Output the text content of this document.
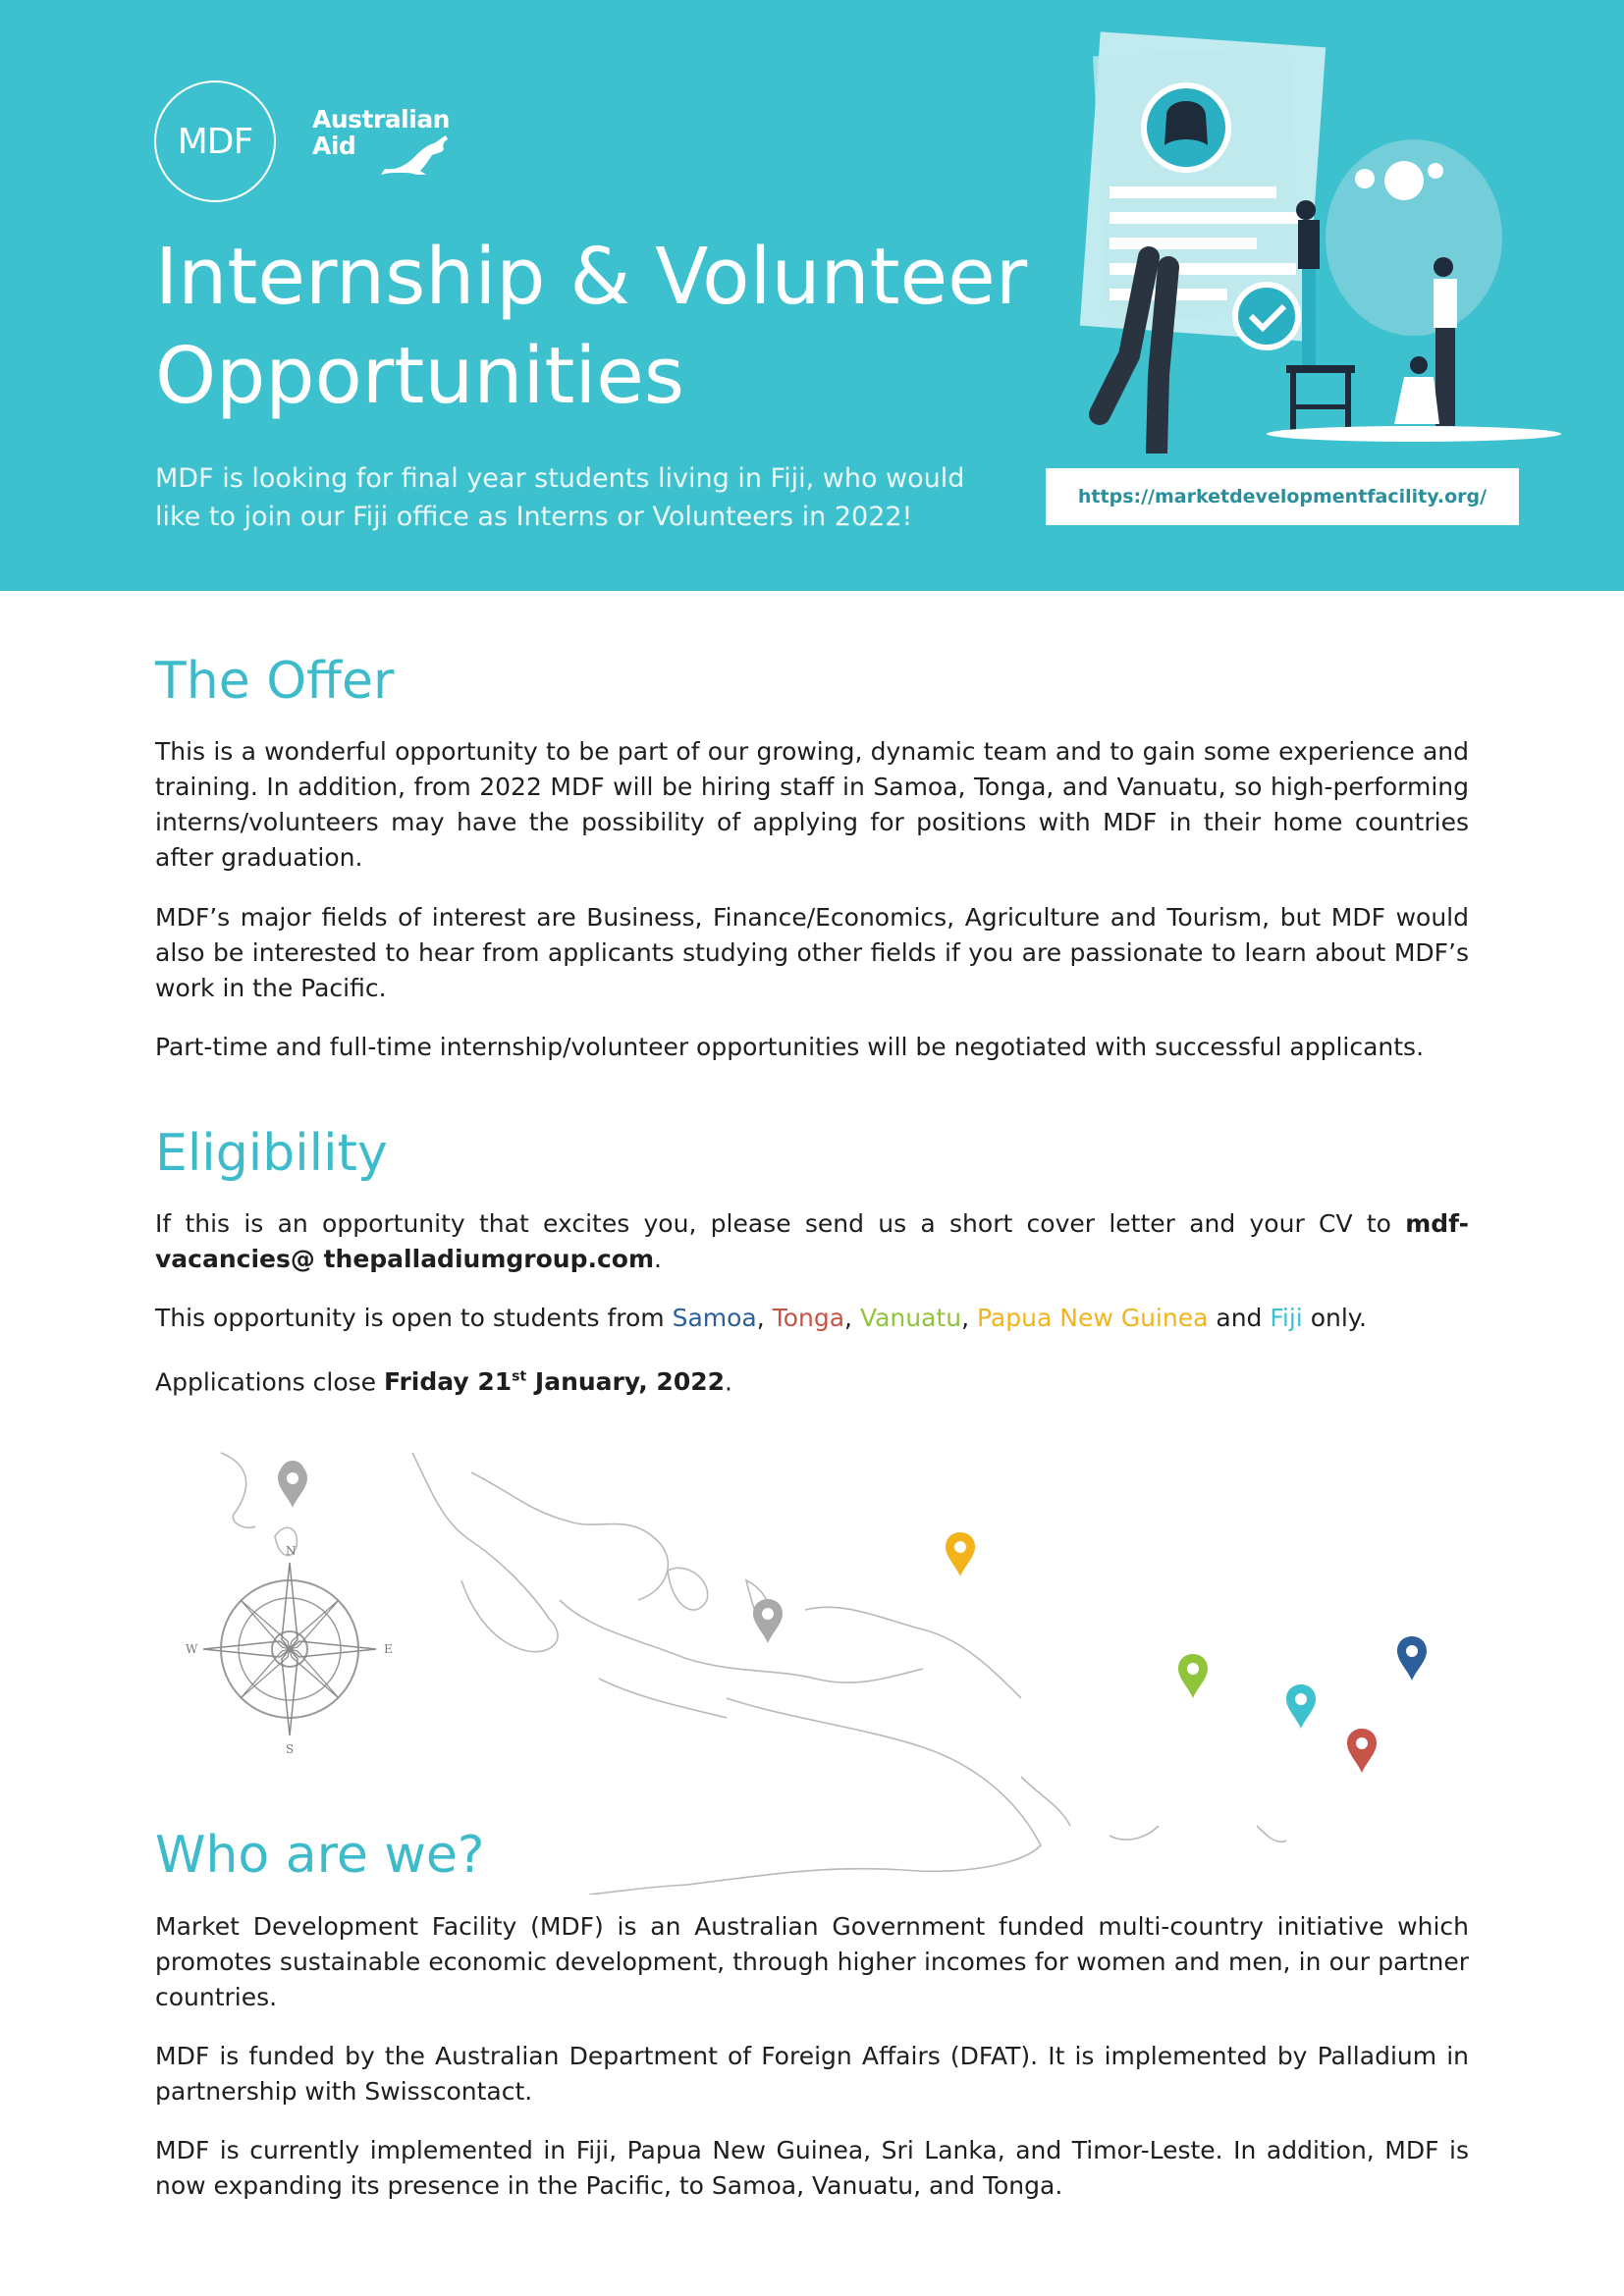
MDF
Australian
Aid
Internship & Volunteer
Opportunities

MDF is looking for final year students living in Fiji, who would like to join our Fiji office as Interns or Volunteers in 2022!

https://marketdevelopmentfacility.org/
The Offer

This is a wonderful opportunity to be part of our growing, dynamic team and to gain some experience and training. In addition, from 2022 MDF will be hiring staff in Samoa, Tonga, and Vanuatu, so high-performing interns/volunteers may have the possibility of applying for positions with MDF in their home countries after graduation.

MDF’s major fields of interest are Business, Finance/Economics, Agriculture and Tourism, but MDF would also be interested to hear from applicants studying other fields if you are passionate to learn about MDF’s work in the Pacific.

Part-time and full-time internship/volunteer opportunities will be negotiated with successful applicants.

Eligibility

If this is an opportunity that excites you, please send us a short cover letter and your CV to mdf-vacancies@ thepalladiumgroup.com.

This opportunity is open to students from Samoa, Tonga, Vanuatu, Papua New Guinea and Fiji only.

Applications close Friday 21st January, 2022.

N
S
E
W
Who are we?

Market Development Facility (MDF) is an Australian Government funded multi-country initiative which promotes sustainable economic development, through higher incomes for women and men, in our partner countries.

MDF is funded by the Australian Department of Foreign Affairs (DFAT). It is implemented by Palladium in partnership with Swisscontact.

MDF is currently implemented in Fiji, Papua New Guinea, Sri Lanka, and Timor-Leste. In addition, MDF is now expanding its presence in the Pacific, to Samoa, Vanuatu, and Tonga.
